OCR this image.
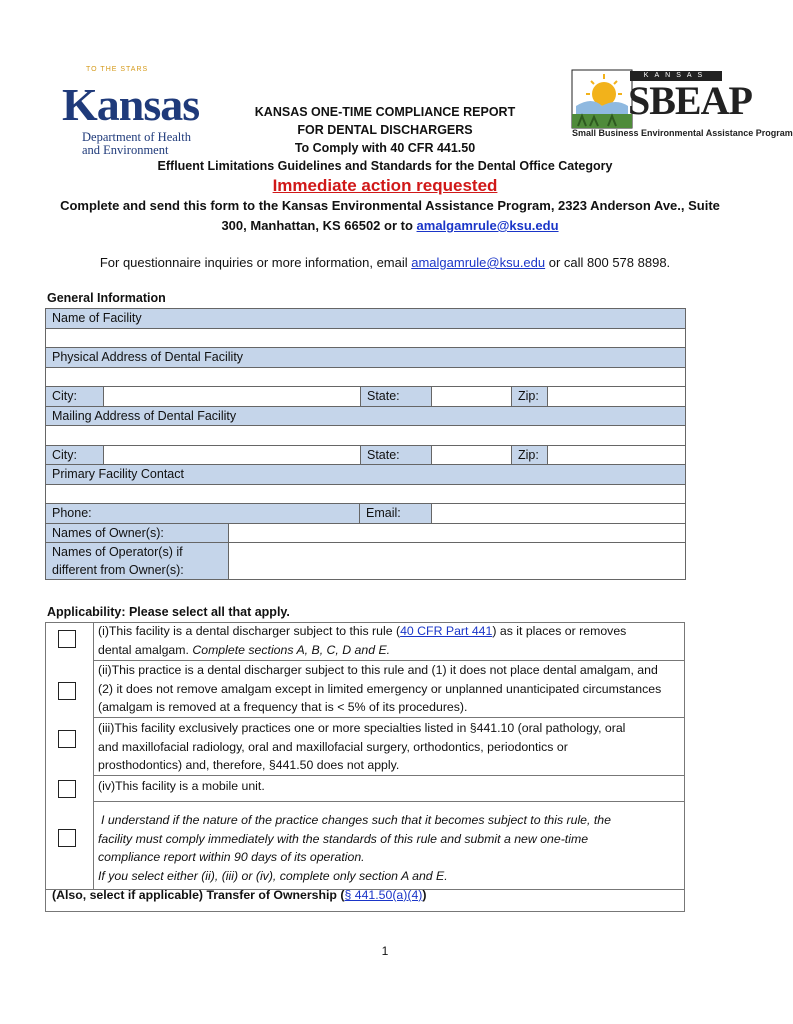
TO THE STARS
Kansas
Department of Health
and Environment
KANSAS
SBEAP
Small Business Environmental Assistance Program
KANSAS ONE-TIME COMPLIANCE REPORT
FOR DENTAL DISCHARGERS
To Comply with 40 CFR 441.50
Effluent Limitations Guidelines and Standards for the Dental Office Category
Immediate action requested
Complete and send this form to the Kansas Environmental Assistance Program, 2323 Anderson Ave., Suite
300, Manhattan, KS 66502 or to amalgamrule@ksu.edu
For questionnaire inquiries or more information, email amalgamrule@ksu.edu or call 800 578 8898.
General Information
Name of Facility						

Physical Address of Dental Facility						

City:			State:		Zip:	
Mailing Address of Dental Facility						

City:			State:		Zip:	
Primary Facility Contact						

Phone:			Email:			
Names of Owner(s):						

Names of Operator(s) if
different from Owner(s):						

Applicability: Please select all that apply.
(i)This facility is a dental discharger subject to this rule (40 CFR Part 441) as it places or removes
dental amalgam. Complete sections A, B, C, D and E.
(ii)This practice is a dental discharger subject to this rule and (1) it does not place dental amalgam, and
(2) it does not remove amalgam except in limited emergency or unplanned unanticipated circumstances
(amalgam is removed at a frequency that is < 5% of its procedures).
(iii)This facility exclusively practices one or more specialties listed in §441.10 (oral pathology, oral
and maxillofacial radiology, oral and maxillofacial surgery, orthodontics, periodontics or
prosthodontics) and, therefore, §441.50 does not apply.
(iv)This facility is a mobile unit.
I understand if the nature of the practice changes such that it becomes subject to this rule, the
facility must comply immediately with the standards of this rule and submit a new one-time
compliance report within 90 days of its operation.
If you select either (ii), (iii) or (iv), complete only section A and E.
(Also, select if applicable) Transfer of Ownership (§ 441.50(a)(4))
1
